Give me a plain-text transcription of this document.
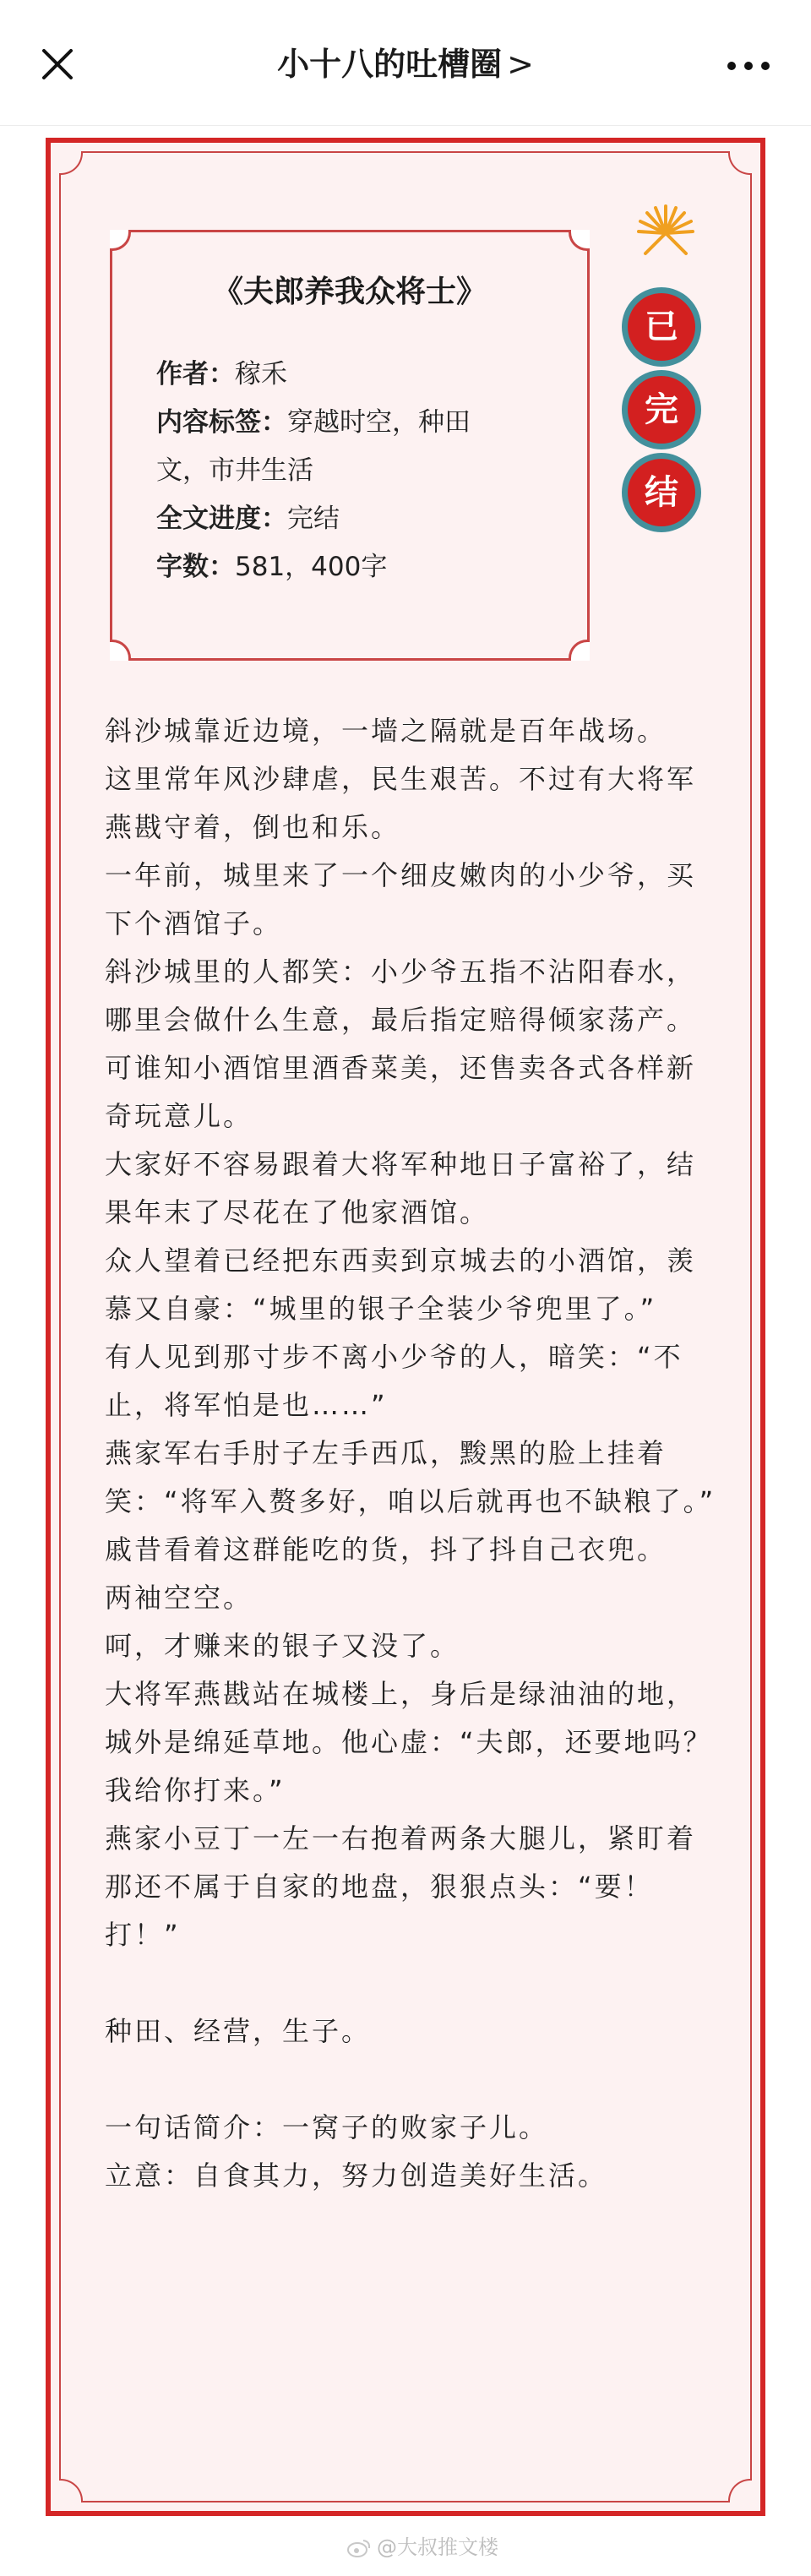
小十八的吐槽圈 >
《夫郎养我众将士》
作者：稼禾
内容标签：穿越时空，种田
文，市井生活
全文进度：完结
字数：581，400字
已
完
结

斜沙城靠近边境，一墙之隔就是百年战场。

这里常年风沙肆虐，民生艰苦。不过有大将军燕戡守着，倒也和乐。

一年前，城里来了一个细皮嫩肉的小少爷，买下个酒馆子。

斜沙城里的人都笑：小少爷五指不沾阳春水，哪里会做什么生意，最后指定赔得倾家荡产。

可谁知小酒馆里酒香菜美，还售卖各式各样新奇玩意儿。

大家好不容易跟着大将军种地日子富裕了，结果年末了尽花在了他家酒馆。

众人望着已经把东西卖到京城去的小酒馆，羡慕又自豪：“城里的银子全装少爷兜里了。”

有人见到那寸步不离小少爷的人，暗笑：“不止，将军怕是也……”

燕家军右手肘子左手西瓜，黢黑的脸上挂着笑：“将军入赘多好，咱以后就再也不缺粮了。”

戚昔看着这群能吃的货，抖了抖自己衣兜。

两袖空空。

呵，才赚来的银子又没了。

大将军燕戡站在城楼上，身后是绿油油的地，城外是绵延草地。他心虚：“夫郎，还要地吗？我给你打来。”

燕家小豆丁一左一右抱着两条大腿儿，紧盯着那还不属于自家的地盘，狠狠点头：“要！打！”

种田、经营，生子。

一句话简介：一窝子的败家子儿。

立意：自食其力，努力创造美好生活。

@大叔推文楼
